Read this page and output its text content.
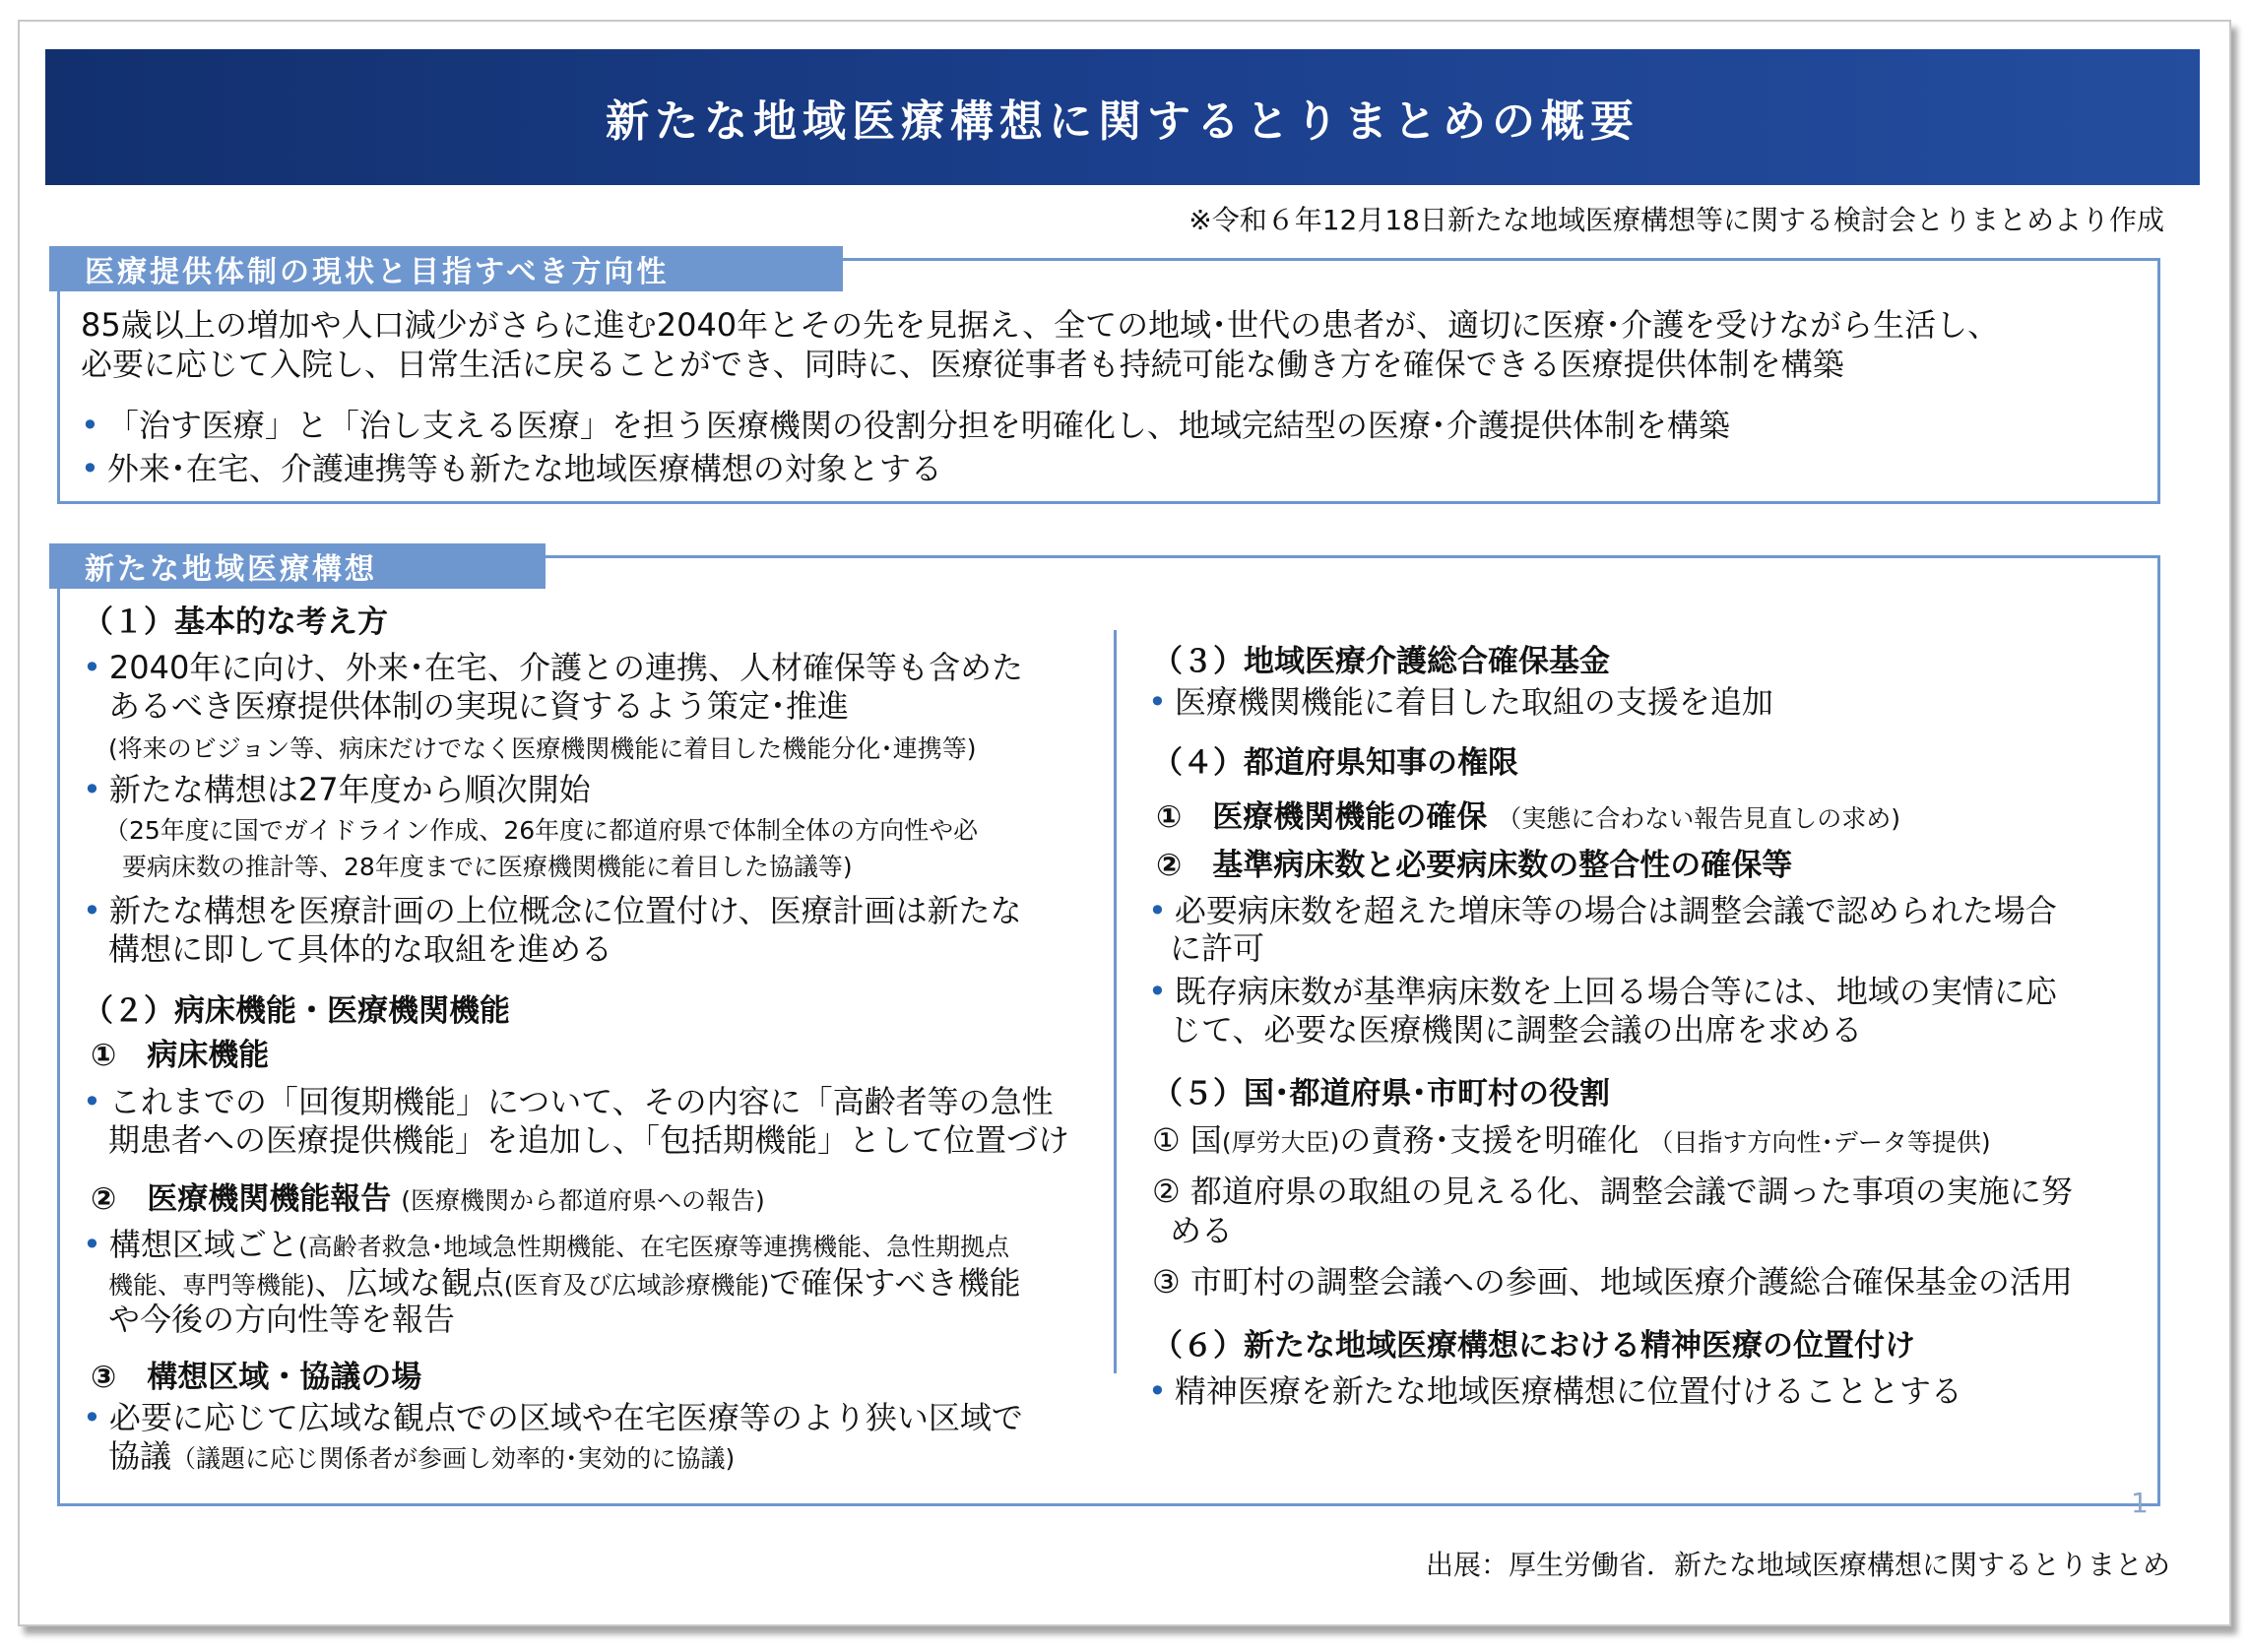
新たな地域医療構想に関するとりまとめの概要
※令和６年12月18日新たな地域医療構想等に関する検討会とりまとめより作成
医療提供体制の現状と目指すべき方向性
85歳以上の増加や人口減少がさらに進む2040年とその先を見据え、全ての地域･世代の患者が、適切に医療･介護を受けながら生活し、
必要に応じて入院し、日常生活に戻ることができ、同時に、医療従事者も持続可能な働き方を確保できる医療提供体制を構築
• 「治す医療」と「治し支える医療」を担う医療機関の役割分担を明確化し、地域完結型の医療･介護提供体制を構築
• 外来･在宅、介護連携等も新たな地域医療構想の対象とする
新たな地域医療構想
（１）基本的な考え方
• 2040年に向け、外来･在宅、介護との連携、人材確保等も含めた
あるべき医療提供体制の実現に資するよう策定･推進
(将来のビジョン等、病床だけでなく医療機関機能に着目した機能分化･連携等)
• 新たな構想は27年度から順次開始
（25年度に国でガイドライン作成、26年度に都道府県で体制全体の方向性や必
要病床数の推計等、28年度までに医療機関機能に着目した協議等)
• 新たな構想を医療計画の上位概念に位置付け、医療計画は新たな
構想に即して具体的な取組を進める
（２）病床機能・医療機関機能
①　病床機能
• これまでの「回復期機能」について、その内容に「高齢者等の急性
期患者への医療提供機能」を追加し、「包括期機能」として位置づけ
②　医療機関機能報告 (医療機関から都道府県への報告)
• 構想区域ごと(高齢者救急･地域急性期機能、在宅医療等連携機能、急性期拠点
機能、専門等機能)、広域な観点(医育及び広域診療機能)で確保すべき機能
や今後の方向性等を報告
③　構想区域・協議の場
• 必要に応じて広域な観点での区域や在宅医療等のより狭い区域で
協議（議題に応じ関係者が参画し効率的･実効的に協議)
（３）地域医療介護総合確保基金
• 医療機関機能に着目した取組の支援を追加
（４）都道府県知事の権限
①　医療機関機能の確保 （実態に合わない報告見直しの求め)
②　基準病床数と必要病床数の整合性の確保等
• 必要病床数を超えた増床等の場合は調整会議で認められた場合
に許可
• 既存病床数が基準病床数を上回る場合等には、地域の実情に応
じて、必要な医療機関に調整会議の出席を求める
（５）国･都道府県･市町村の役割
① 国(厚労大臣)の責務･支援を明確化 （目指す方向性･データ等提供)
② 都道府県の取組の見える化、調整会議で調った事項の実施に努
める
③ 市町村の調整会議への参画、地域医療介護総合確保基金の活用
（６）新たな地域医療構想における精神医療の位置付け
• 精神医療を新たな地域医療構想に位置付けることとする
1
出展：厚生労働省．新たな地域医療構想に関するとりまとめ
